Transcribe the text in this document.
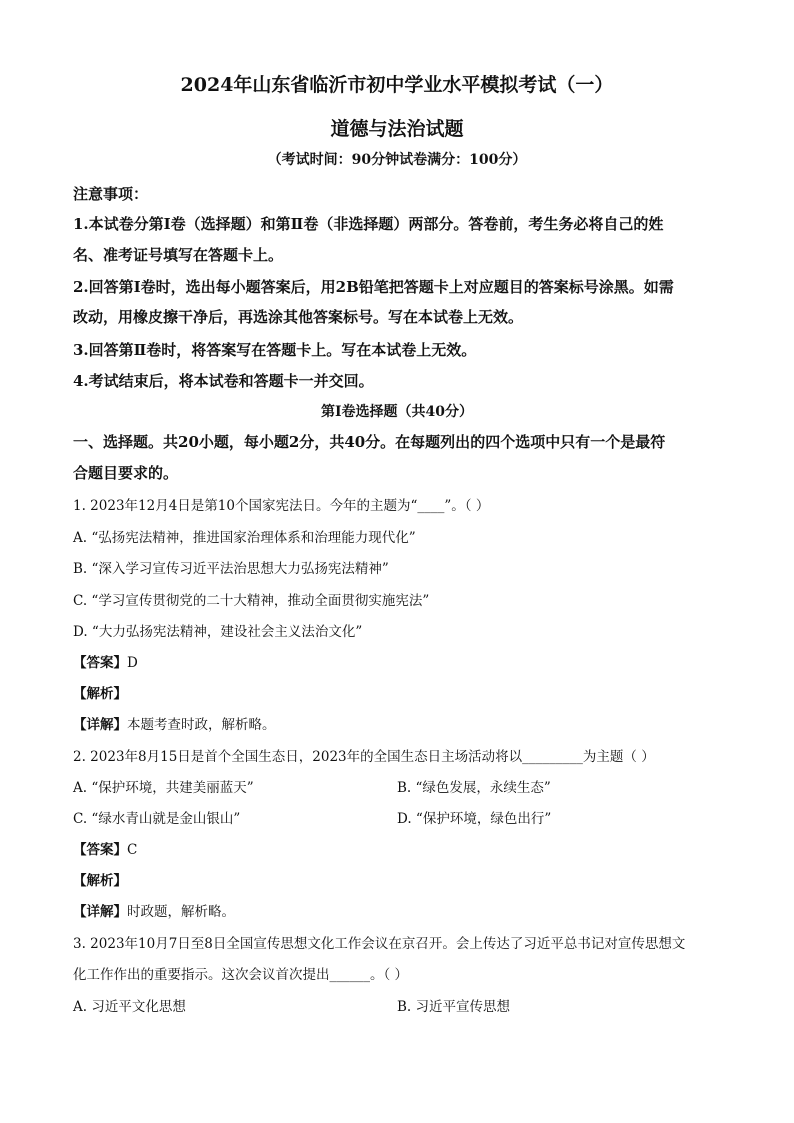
2024年山东省临沂市初中学业水平模拟考试（一）
道德与法治试题
（考试时间：90分钟试卷满分：100分）
注意事项：
1.本试卷分第Ⅰ卷（选择题）和第Ⅱ卷（非选择题）两部分。答卷前，考生务必将自己的姓
名、准考证号填写在答题卡上。
2.回答第Ⅰ卷时，选出每小题答案后，用2B铅笔把答题卡上对应题目的答案标号涂黑。如需
改动，用橡皮擦干净后，再选涂其他答案标号。写在本试卷上无效。
3.回答第Ⅱ卷时，将答案写在答题卡上。写在本试卷上无效。
4.考试结束后，将本试卷和答题卡一并交回。
第Ⅰ卷选择题（共40分）
一、选择题。共20小题，每小题2分，共40分。在每题列出的四个选项中只有一个是最符
合题目要求的。
1. 2023年12月4日是第10个国家宪法日。今年的主题为“____”。（ ）
A. “弘扬宪法精神，推进国家治理体系和治理能力现代化”
B. “深入学习宣传习近平法治思想大力弘扬宪法精神”
C. “学习宣传贯彻党的二十大精神，推动全面贯彻实施宪法”
D. “大力弘扬宪法精神，建设社会主义法治文化”
【答案】D
【解析】
【详解】本题考查时政，解析略。
2. 2023年8月15日是首个全国生态日，2023年的全国生态日主场活动将以_________为主题（ ）
A. “保护环境，共建美丽蓝天”	B. “绿色发展，永续生态”
C. “绿水青山就是金山银山”	D. “保护环境，绿色出行”
【答案】C
【解析】
【详解】时政题，解析略。
3. 2023年10月7日至8日全国宣传思想文化工作会议在京召开。会上传达了习近平总书记对宣传思想文
化工作作出的重要指示。这次会议首次提出______。（ ）
A. 习近平文化思想	B. 习近平宣传思想
